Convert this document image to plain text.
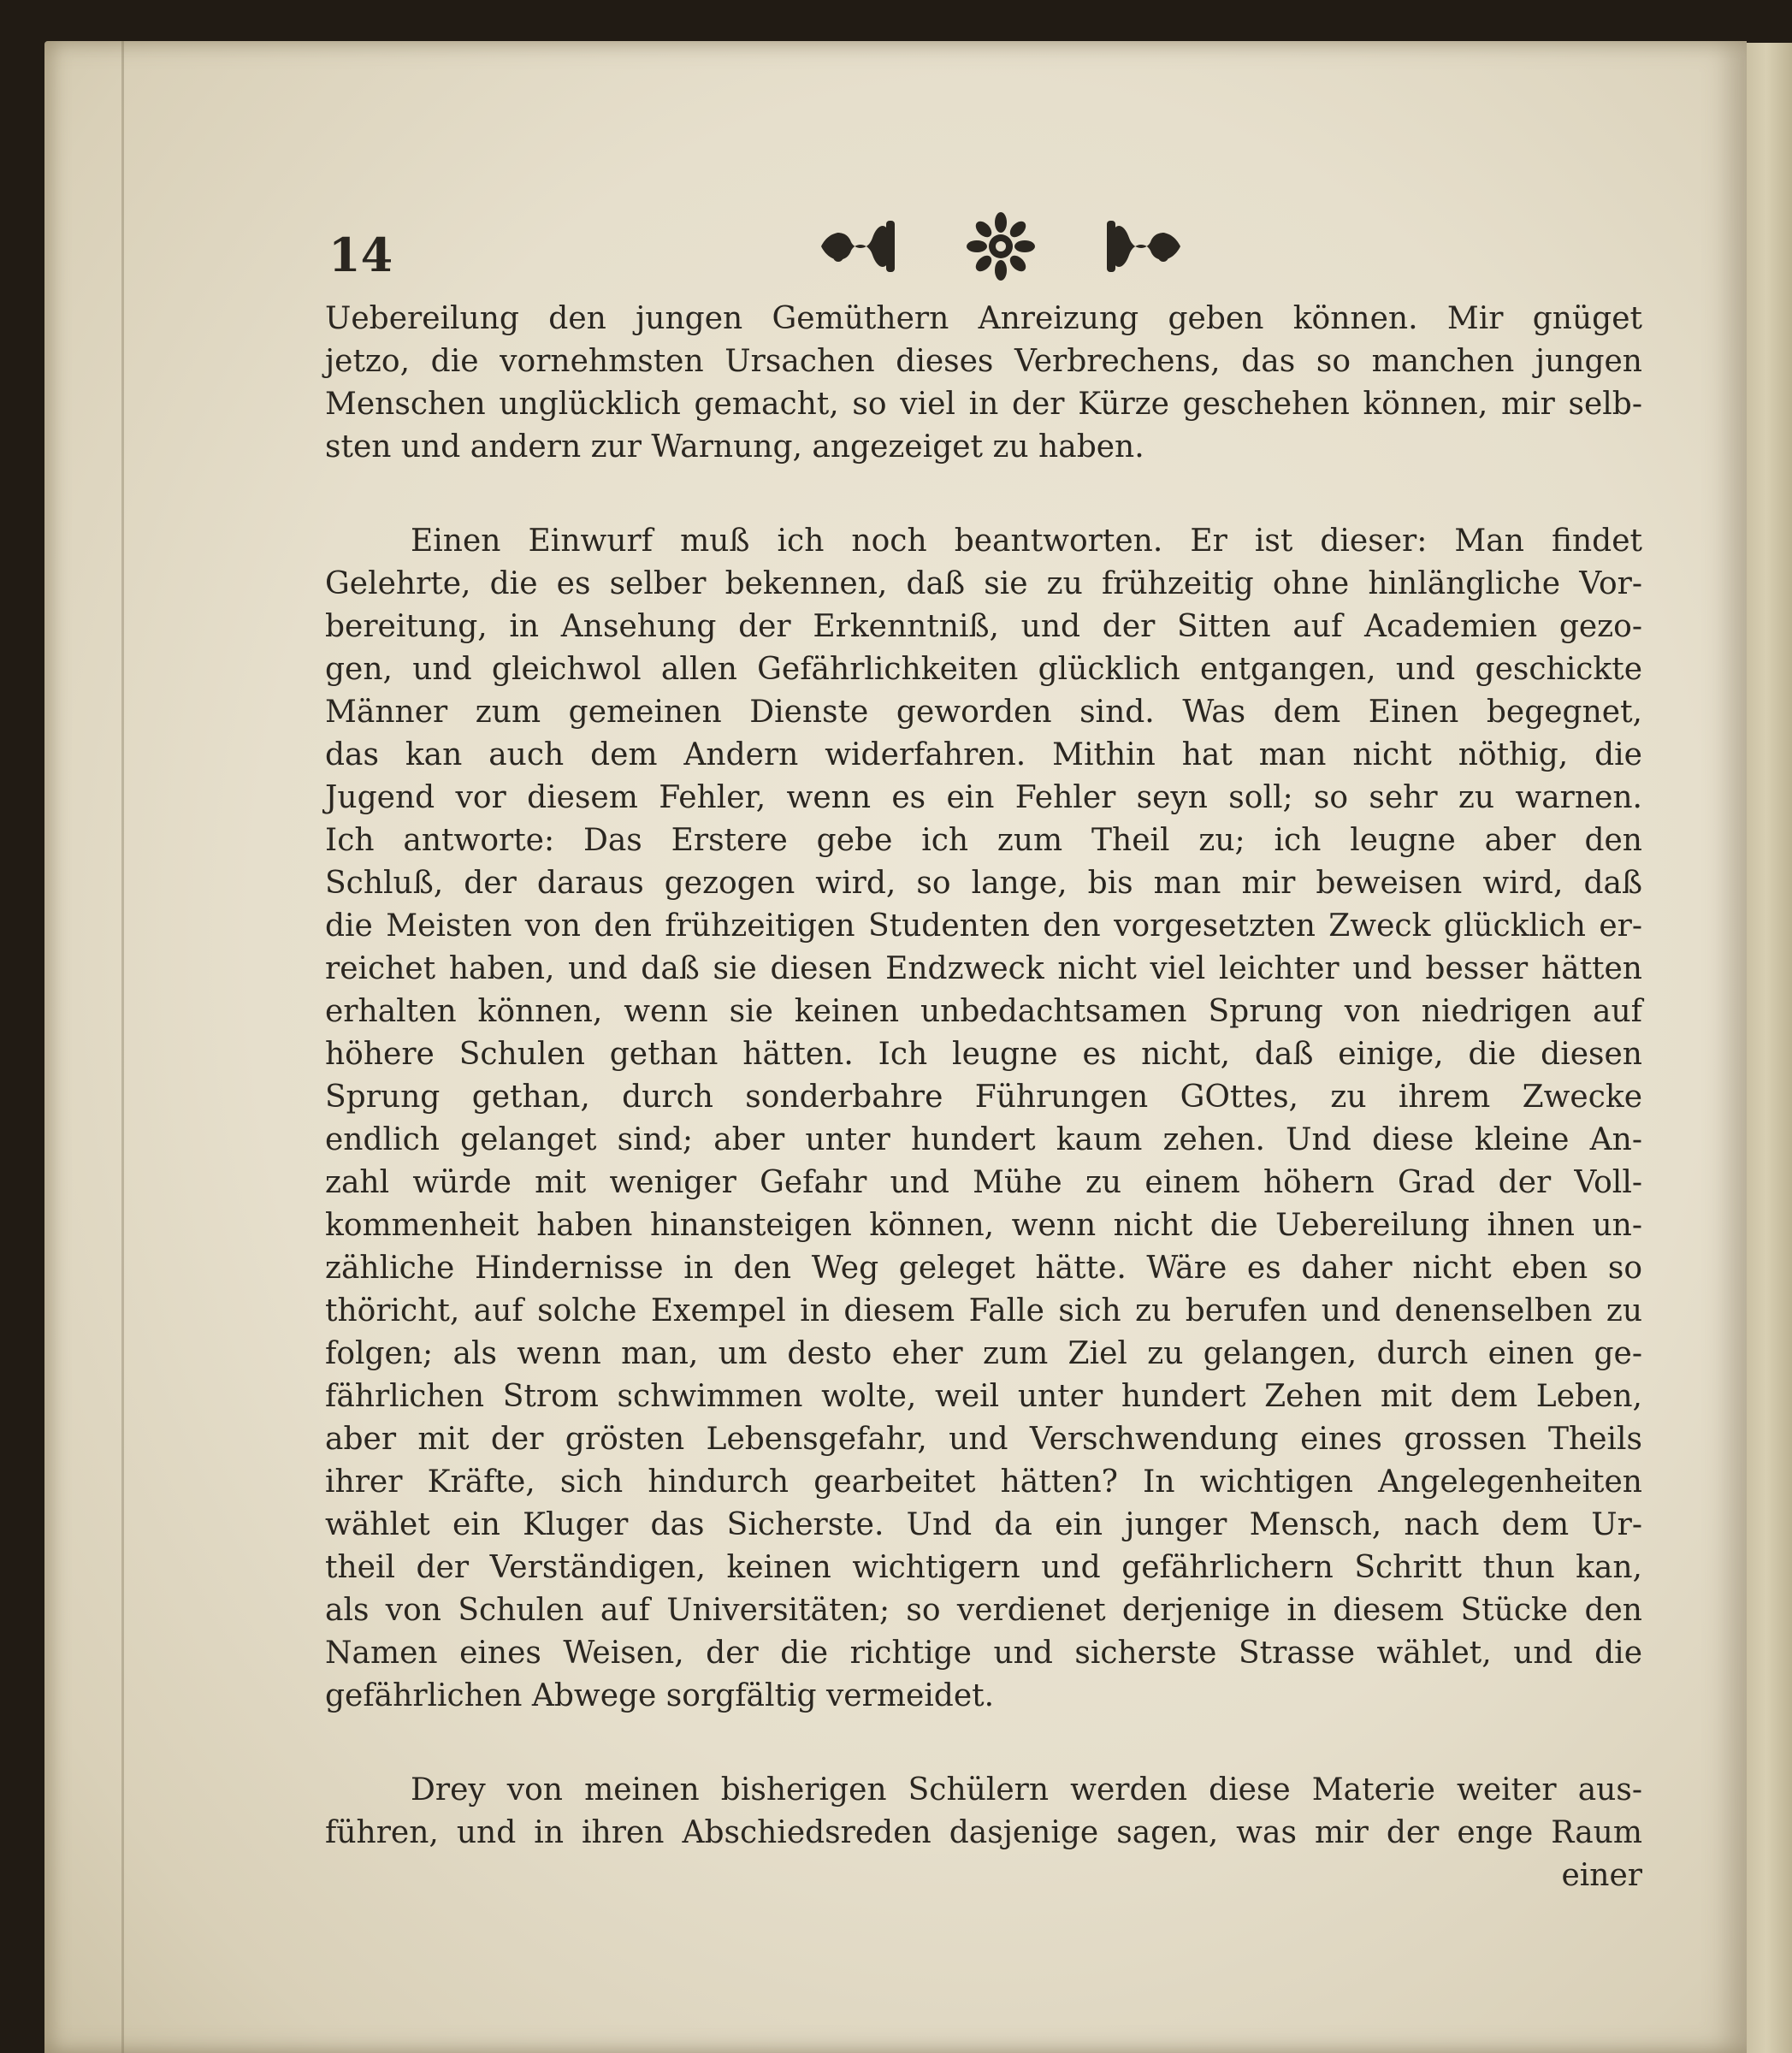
14
Uebereilung den jungen Gemüthern Anreizung geben können. Mir gnüget
jetzo, die vornehmsten Ursachen dieses Verbrechens, das so manchen jungen
Menschen unglücklich gemacht, so viel in der Kürze geschehen können, mir selb-
sten und andern zur Warnung, angezeiget zu haben.
Einen Einwurf muß ich noch beantworten. Er ist dieser: Man findet
Gelehrte, die es selber bekennen, daß sie zu frühzeitig ohne hinlängliche Vor-
bereitung, in Ansehung der Erkenntniß, und der Sitten auf Academien gezo-
gen, und gleichwol allen Gefährlichkeiten glücklich entgangen, und geschickte
Männer zum gemeinen Dienste geworden sind. Was dem Einen begegnet,
das kan auch dem Andern widerfahren. Mithin hat man nicht nöthig, die
Jugend vor diesem Fehler, wenn es ein Fehler seyn soll; so sehr zu warnen.
Ich antworte: Das Erstere gebe ich zum Theil zu; ich leugne aber den
Schluß, der daraus gezogen wird, so lange, bis man mir beweisen wird, daß
die Meisten von den frühzeitigen Studenten den vorgesetzten Zweck glücklich er-
reichet haben, und daß sie diesen Endzweck nicht viel leichter und besser hätten
erhalten können, wenn sie keinen unbedachtsamen Sprung von niedrigen auf
höhere Schulen gethan hätten. Ich leugne es nicht, daß einige, die diesen
Sprung gethan, durch sonderbahre Führungen GOttes, zu ihrem Zwecke
endlich gelanget sind; aber unter hundert kaum zehen. Und diese kleine An-
zahl würde mit weniger Gefahr und Mühe zu einem höhern Grad der Voll-
kommenheit haben hinansteigen können, wenn nicht die Uebereilung ihnen un-
zähliche Hindernisse in den Weg geleget hätte. Wäre es daher nicht eben so
thöricht, auf solche Exempel in diesem Falle sich zu berufen und denenselben zu
folgen; als wenn man, um desto eher zum Ziel zu gelangen, durch einen ge-
fährlichen Strom schwimmen wolte, weil unter hundert Zehen mit dem Leben,
aber mit der grösten Lebensgefahr, und Verschwendung eines grossen Theils
ihrer Kräfte, sich hindurch gearbeitet hätten? In wichtigen Angelegenheiten
wählet ein Kluger das Sicherste. Und da ein junger Mensch, nach dem Ur-
theil der Verständigen, keinen wichtigern und gefährlichern Schritt thun kan,
als von Schulen auf Universitäten; so verdienet derjenige in diesem Stücke den
Namen eines Weisen, der die richtige und sicherste Strasse wählet, und die
gefährlichen Abwege sorgfältig vermeidet.
Drey von meinen bisherigen Schülern werden diese Materie weiter aus-
führen, und in ihren Abschiedsreden dasjenige sagen, was mir der enge Raum
einer
